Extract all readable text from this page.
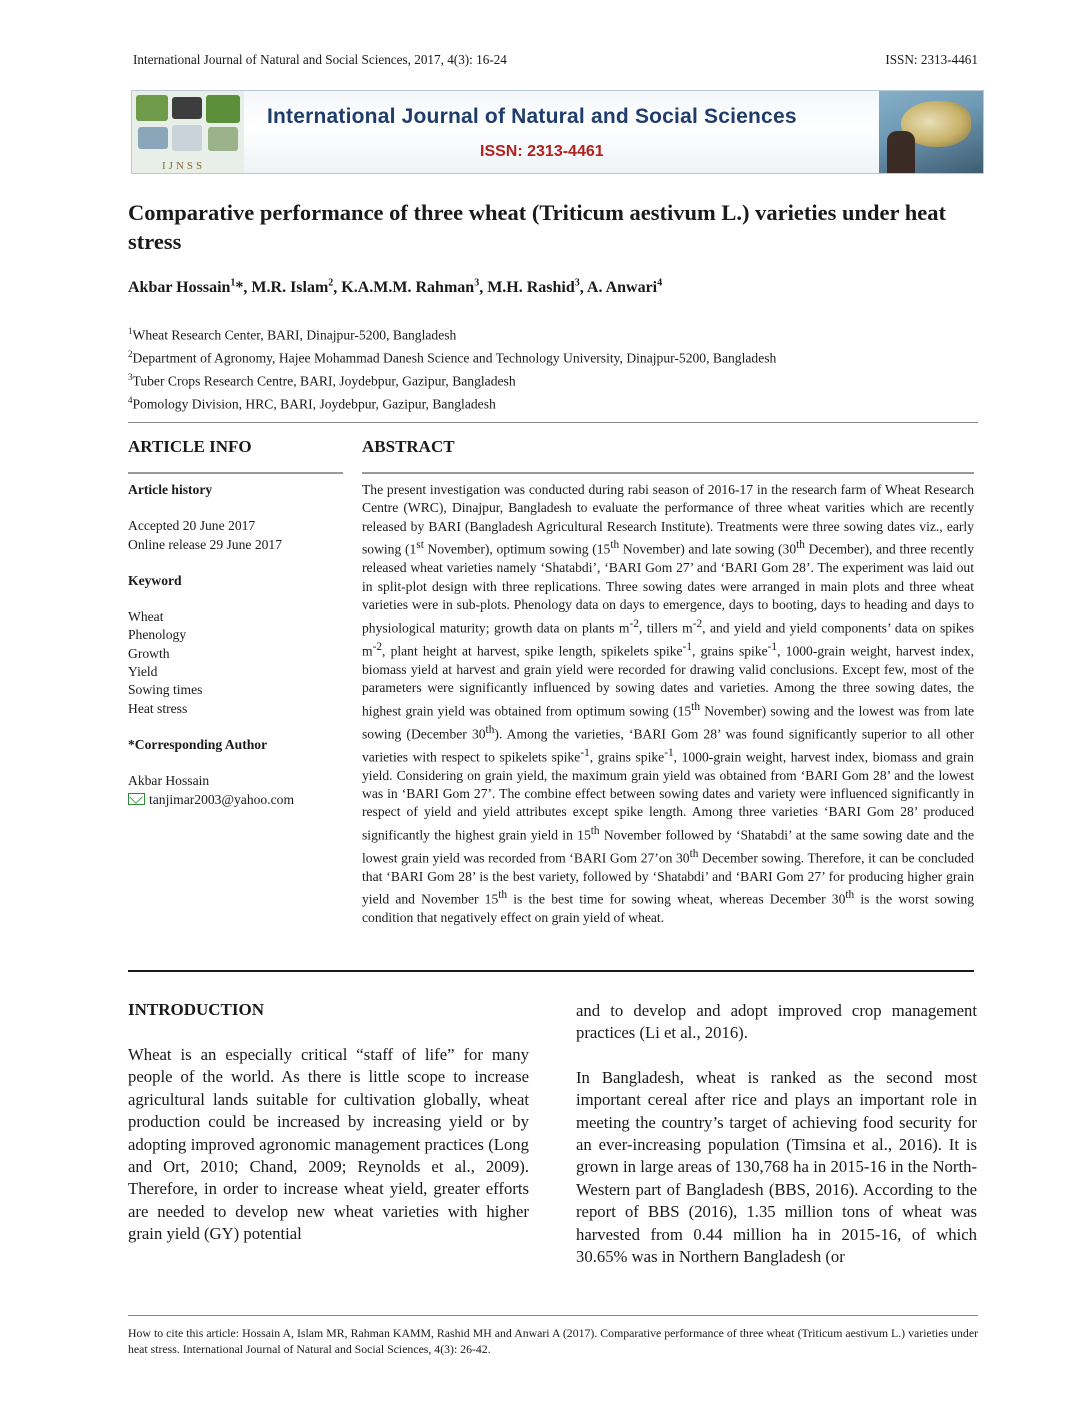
International Journal of Natural and Social Sciences, 2017, 4(3): 16-24	ISSN: 2313-4461
IJNSS
International Journal of Natural and Social Sciences
ISSN: 2313-4461
Comparative performance of three wheat (Triticum aestivum L.) varieties under heat stress
Akbar Hossain$^1$*, M.R. Islam$^2$, K.A.M.M. Rahman$^3$, M.H. Rashid$^3$, A. Anwari$^4$
$^1$Wheat Research Center, BARI, Dinajpur-5200, Bangladesh
$^2$Department of Agronomy, Hajee Mohammad Danesh Science and Technology University, Dinajpur-5200, Bangladesh
$^3$Tuber Crops Research Centre, BARI, Joydebpur, Gazipur, Bangladesh
$^4$Pomology Division, HRC, BARI, Joydebpur, Gazipur, Bangladesh
ARTICLE INFO	ABSTRACT
Article history
Accepted 20 June 2017
Online release 29 June 2017
Keyword
Wheat
Phenology
Growth
Yield
Sowing times
Heat stress
*Corresponding Author
Akbar Hossain
tanjimar2003@yahoo.com
The present investigation was conducted during rabi season of 2016-17 in the research farm of Wheat Research Centre (WRC), Dinajpur, Bangladesh to evaluate the performance of three wheat varities which are recently released by BARI (Bangladesh Agricultural Research Institute). Treatments were three sowing dates viz., early sowing (1st November), optimum sowing (15th November) and late sowing (30th December), and three recently released wheat varieties namely ‘Shatabdi’, ‘BARI Gom 27’ and ‘BARI Gom 28’. The experiment was laid out in split-plot design with three replications. Three sowing dates were arranged in main plots and three wheat varieties were in sub-plots. Phenology data on days to emergence, days to booting, days to heading and days to physiological maturity; growth data on plants $m^{-2}$, tillers $m^{-2}$, and yield and yield components’ data on spikes $m^{-2}$, plant height at harvest, spike length, spikelets spike$^{-1}$, grains spike$^{-1}$, 1000-grain weight, harvest index, biomass yield at harvest and grain yield were recorded for drawing valid conclusions. Except few, most of the parameters were significantly influenced by sowing dates and varieties. Among the three sowing dates, the highest grain yield was obtained from optimum sowing (15th November) sowing and the lowest was from late sowing (December 30th). Among the varieties, ‘BARI Gom 28’ was found significantly superior to all other varieties with respect to spikelets spike$^{-1}$, grains spike$^{-1}$, 1000-grain weight, harvest index, biomass and grain yield. Considering on grain yield, the maximum grain yield was obtained from ‘BARI Gom 28’ and the lowest was in ‘BARI Gom 27’. The combine effect between sowing dates and variety were influenced significantly in respect of yield and yield attributes except spike length. Among three varieties ‘BARI Gom 28’ produced significantly the highest grain yield in 15th November followed by ‘Shatabdi’ at the same sowing date and the lowest grain yield was recorded from ‘BARI Gom 27’on 30th December sowing. Therefore, it can be concluded that ‘BARI Gom 28’ is the best variety, followed by ‘Shatabdi’ and ‘BARI Gom 27’ for producing higher grain yield and November 15th is the best time for sowing wheat, whereas December 30th is the worst sowing condition that negatively effect on grain yield of wheat.
INTRODUCTION

Wheat is an especially critical “staff of life” for many people of the world. As there is little scope to increase agricultural lands suitable for cultivation globally, wheat production could be increased by increasing yield or by adopting improved agronomic management practices (Long and Ort, 2010; Chand, 2009; Reynolds et al., 2009). Therefore, in order to increase wheat yield, greater efforts are needed to develop new wheat varieties with higher grain yield (GY) potential

and to develop and adopt improved crop management practices (Li et al., 2016).

In Bangladesh, wheat is ranked as the second most important cereal after rice and plays an important role in meeting the country’s target of achieving food security for an ever-increasing population (Timsina et al., 2016). It is grown in large areas of 130,768 ha in 2015-16 in the North-Western part of Bangladesh (BBS, 2016). According to the report of BBS (2016), 1.35 million tons of wheat was harvested from 0.44 million ha in 2015-16, of which 30.65% was in Northern Bangladesh (or

How to cite this article: Hossain A, Islam MR, Rahman KAMM, Rashid MH and Anwari A (2017). Comparative performance of three wheat (Triticum aestivum L.) varieties under heat stress. International Journal of Natural and Social Sciences, 4(3): 26-42.
